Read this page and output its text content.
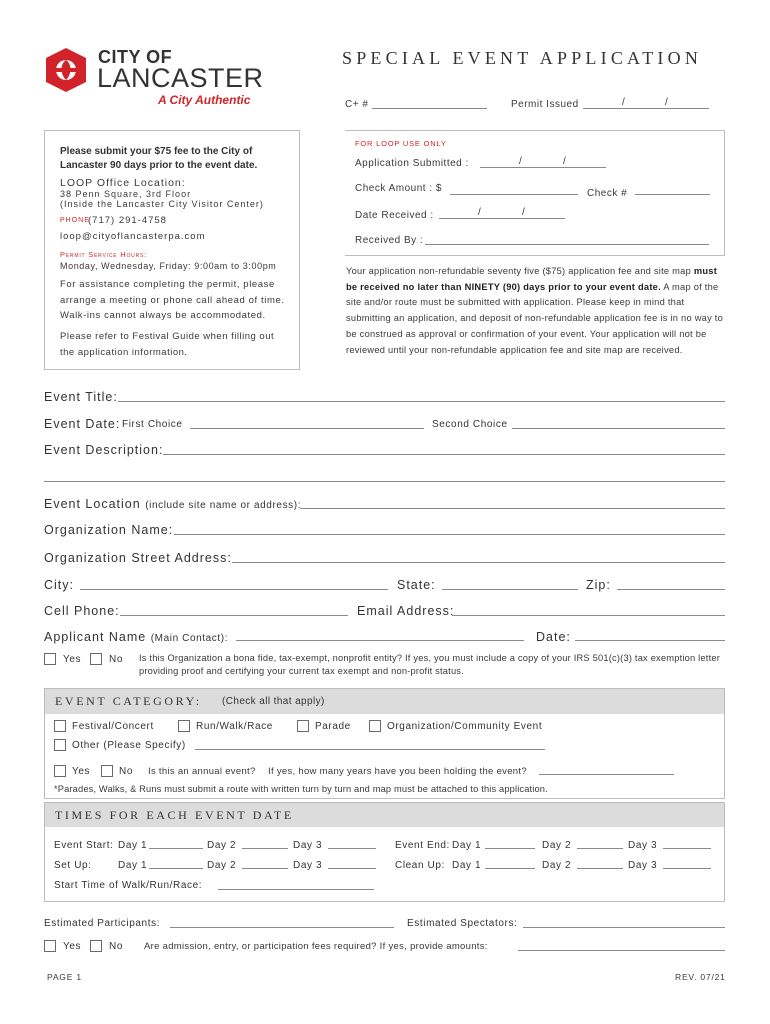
CITY OF
LANCASTER
A City Authentic
SPECIAL EVENT APPLICATION
C+ #	Permit Issued	/	/
Please submit your $75 fee to the City of Lancaster 90 days prior to the event date.
LOOP Office Location:
38 Penn Square, 3rd Floor
(Inside the Lancaster City Visitor Center)
PHONE
(717) 291-4758
loop@cityoflancasterpa.com
Permit Service Hours:
Monday, Wednesday, Friday: 9:00am to 3:00pm
For assistance completing the permit, please arrange a meeting or phone call ahead of time. Walk-ins cannot always be accommodated.
Please refer to Festival Guide when filling out the application information.
FOR LOOP USE ONLY
Application Submitted :	/	/
Check Amount : $	Check #
Date Received :	/	/
Received By :
Your application non-refundable seventy five ($75) application fee and site map must be received no later than NINETY (90) days prior to your event date. A map of the site and/or route must be submitted with application. Please keep in mind that submitting an application, and deposit of non-refundable application fee is in no way to be construed as approval or confirmation of your event. Your application will not be reviewed until your non-refundable application fee and site map are received.
Event Title:
Event Date: First Choice	Second Choice
Event Description:
Event Location (include site name or address):
Organization Name:
Organization Street Address:
City:	State:	Zip:
Cell Phone:	Email Address:
Applicant Name (Main Contact):	Date:
Yes	No Is this Organization a bona fide, tax-exempt, nonprofit entity? If yes, you must include a copy of your IRS 501(c)(3) tax exemption letter providing proof and certifying your current tax exempt and non-profit status.
EVENT CATEGORY: (Check all that apply)
Festival/Concert	Run/Walk/Race	Parade	Organization/Community Event
Other (Please Specify)
Yes	No Is this an annual event? If yes, how many years have you been holding the event?
*Parades, Walks, & Runs must submit a route with written turn by turn and map must be attached to this application.
TIMES FOR EACH EVENT DATE
Event Start: Day 1	Day 2	Day 3	Event End: Day 1	Day 2	Day 3
Set Up:	Day 1	Day 2	Day 3	Clean Up: Day 1	Day 2	Day 3
Start Time of Walk/Run/Race:
Estimated Participants:	Estimated Spectators:
Yes	No Are admission, entry, or participation fees required? If yes, provide amounts:
PAGE 1	REV. 07/21
